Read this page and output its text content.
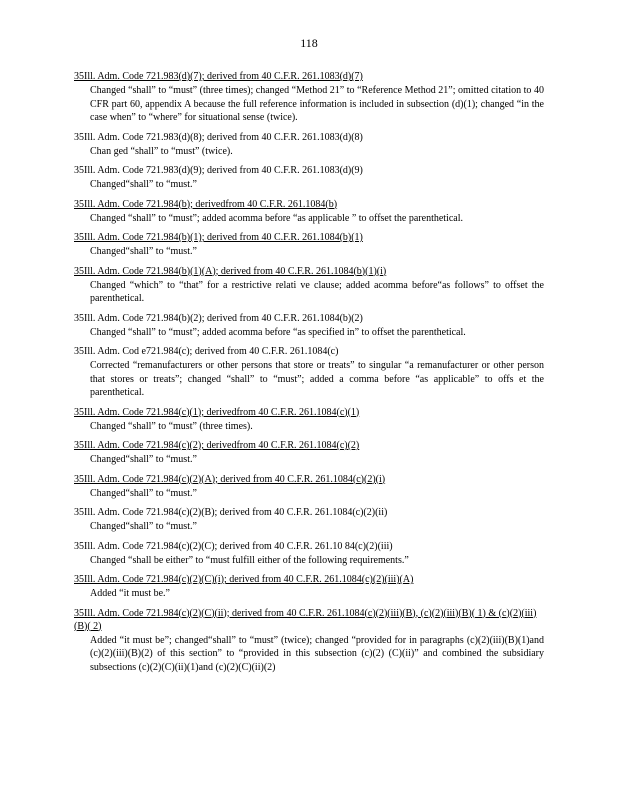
118
35Ill. Adm. Code 721.983(d)(7); derived from 40 C.F.R. 261.1083(d)(7)
Changed “shall” to “must” (three times); changed “Method 21” to “Reference Method 21”; omitted citation to 40 CFR part 60, appendix A because the full reference information is included in subsection (d)(1); changed “in the case when” to “where” for situational sense (twice).
35Ill. Adm. Code 721.983(d)(8); derived from 40 C.F.R. 261.1083(d)(8)
Chan ged “shall” to “must” (twice).
35Ill. Adm. Code 721.983(d)(9); derived from 40 C.F.R. 261.1083(d)(9)
Changed“shall” to “must.”
35Ill. Adm. Code 721.984(b); derivedfrom 40 C.F.R. 261.1084(b)
Changed “shall” to “must”; added acomma before “as applicable ” to offset the parenthetical.
35Ill. Adm. Code 721.984(b)(1); derived from 40 C.F.R. 261.1084(b)(1)
Changed“shall” to “must.”
35Ill. Adm. Code 721.984(b)(1)(A); derived from 40 C.F.R. 261.1084(b)(1)(i)
Changed “which” to “that” for a restrictive relati ve clause; added acomma before“as follows” to offset the parenthetical.
35Ill. Adm. Code 721.984(b)(2); derived from 40 C.F.R. 261.1084(b)(2)
Changed “shall” to “must”; added acomma before “as specified in” to offset the parenthetical.
35Ill. Adm. Cod e721.984(c); derived from 40 C.F.R. 261.1084(c)
Corrected “remanufacturers or other persons that store or treats” to singular “a remanufacturer or other person that stores or treats”; changed “shall” to “must”; added a comma before “as applicable” to offs et the parenthetical.
35Ill. Adm. Code 721.984(c)(1); derivedfrom 40 C.F.R. 261.1084(c)(1)
Changed “shall” to “must” (three times).
35Ill. Adm. Code 721.984(c)(2); derivedfrom 40 C.F.R. 261.1084(c)(2)
Changed“shall” to “must.”
35Ill. Adm. Code 721.984(c)(2)(A); derived from 40 C.F.R. 261.1084(c)(2)(i)
Changed“shall” to “must.”
35Ill. Adm. Code 721.984(c)(2)(B); derived from 40 C.F.R. 261.1084(c)(2)(ii)
Changed“shall” to “must.”
35Ill. Adm. Code 721.984(c)(2)(C); derived from 40 C.F.R. 261.10 84(c)(2)(iii)
Changed “shall be either” to “must fulfill either of the following requirements.”
35Ill. Adm. Code 721.984(c)(2)(C)(i); derived from 40 C.F.R. 261.1084(c)(2)(iii)(A)
Added “it must be.”
35Ill. Adm. Code 721.984(c)(2)(C)(ii); derived from 40 C.F.R. 261.1084(c)(2)(iii)(B), (c)(2)(iii)(B)( 1) & (c)(2)(iii)(B)( 2)
Added “it must be”; changed“shall” to “must” (twice); changed “provided for in paragraphs (c)(2)(iii)(B)(1)and (c)(2)(iii)(B)(2) of this section” to “provided in this subsection (c)(2) (C)(ii)” and combined the subsidiary subsections (c)(2)(C)(ii)(1)and (c)(2)(C)(ii)(2)
